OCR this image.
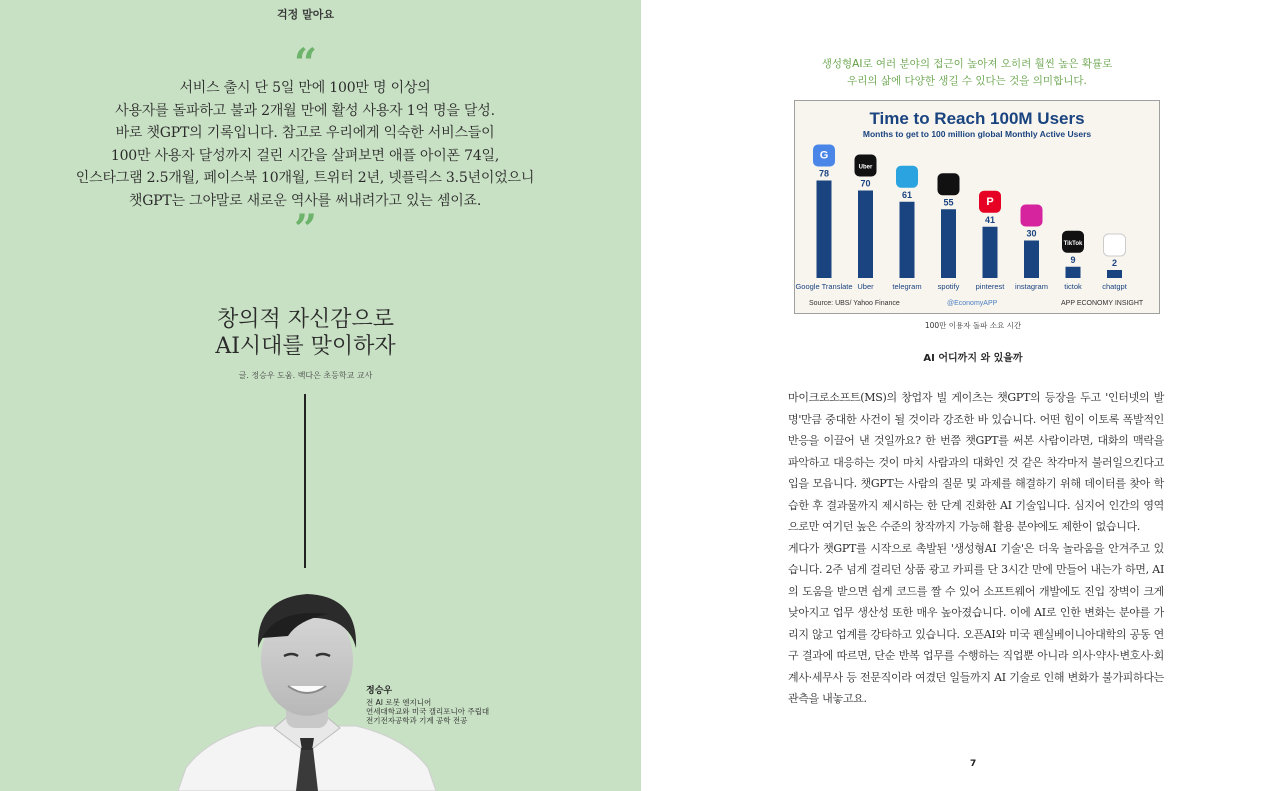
걱정 말아요
“
서비스 출시 단 5일 만에 100만 명 이상의
사용자를 돌파하고 불과 2개월 만에 활성 사용자 1억 명을 달성.
바로 챗GPT의 기록입니다. 참고로 우리에게 익숙한 서비스들이
100만 사용자 달성까지 걸린 시간을 살펴보면 애플 아이폰 74일,
인스타그램 2.5개월, 페이스북 10개월, 트위터 2년, 넷플릭스 3.5년이었으니
챗GPT는 그야말로 새로운 역사를 써내려가고 있는 셈이죠.
”
창의적 자신감으로
AI시대를 맞이하자
글. 정승우 도움. 백다은 초등학교 교사
정승우
전 AI 로봇 엔지니어
연세대학교와 미국 캘리포니아 주립대
전기전자공학과 기계 공학 전공
생성형AI로 여러 분야의 접근이 높아져 오히려 훨씬 높은 확률로
우리의 삶에 다양한 생길 수 있다는 것을 의미합니다.
Time to Reach 100M Users
Months to get to 100 million global Monthly Active Users
78
Google Translate
G
70
Uber
Uber
61
telegram
55
spotify
41
pinterest
P
30
instagram
9
tictok
TikTok
2
chatgpt
Source: UBS/ Yahoo Finance	@EconomyAPP	APP ECONOMY INSIGHT
100만 이용자 돌파 소요 시간
AI 어디까지 와 있을까

마이크로소프트(MS)의 창업자 빌 게이츠는 챗GPT의 등장을 두고 '인터넷의 발명'만큼 중대한 사건이 될 것이라 강조한 바 있습니다. 어떤 힘이 이토록 폭발적인 반응을 이끌어 낸 것일까요? 한 번쯤 챗GPT를 써본 사람이라면, 대화의 맥락을 파악하고 대응하는 것이 마치 사람과의 대화인 것 같은 착각마저 불러일으킨다고 입을 모읍니다. 챗GPT는 사람의 질문 및 과제를 해결하기 위해 데이터를 찾아 학습한 후 결과물까지 제시하는 한 단계 진화한 AI 기술입니다. 심지어 인간의 영역으로만 여기던 높은 수준의 창작까지 가능해 활용 분야에도 제한이 없습니다.

게다가 챗GPT를 시작으로 촉발된 '생성형AI 기술'은 더욱 놀라움을 안겨주고 있습니다. 2주 넘게 걸리던 상품 광고 카피를 단 3시간 만에 만들어 내는가 하면, AI의 도움을 받으면 쉽게 코드를 짤 수 있어 소프트웨어 개발에도 진입 장벽이 크게 낮아지고 업무 생산성 또한 매우 높아졌습니다. 이에 AI로 인한 변화는 분야를 가리지 않고 업계를 강타하고 있습니다. 오픈AI와 미국 펜실베이니아대학의 공동 연구 결과에 따르면, 단순 반복 업무를 수행하는 직업뿐 아니라 의사·약사·변호사·회계사·세무사 등 전문직이라 여겼던 일들까지 AI 기술로 인해 변화가 불가피하다는 관측을 내놓고요.

7
